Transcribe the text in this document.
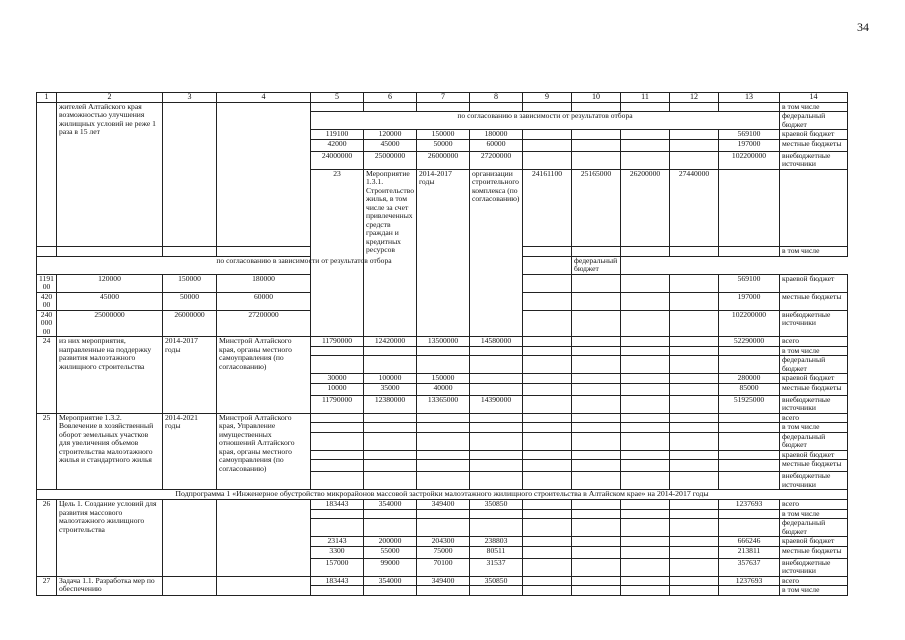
34
1	2	3	4	5	6	7	8	9	10	11	12	13	14	
	жителей Алтайского края возможностью улучшения жилищных условий не реже 1 раза в 15 лет												в том числе	
				по согласованию в зависимости от результатов отбора									федеральный бюджет	
				119100	120000	150000	180000					569100	краевой бюджет	
				42000	45000	50000	60000					197000	местные бюджеты	
				24000000	25000000	26000000	27200000					102200000	внебюджетные источники	
				23	Мероприятие 1.3.1. Строительство жилья, в том числе за счет привлеченных средств граждан и кредитных ресурсов	2014-2017 годы	организации строительного комплекса (по согласованию)	24161100	25165000	26200000	27440000						
													в том числе	
по согласованию в зависимости от результатов отбора									федеральный бюджет					
119100	120000	150000	180000									569100	краевой бюджет	
42000	45000	50000	60000									197000	местные бюджеты	
24000000	25000000	26000000	27200000									102200000	внебюджетные источники	
24	из них мероприятия, направленные на поддержку развития малоэтажного жилищного строительства	2014-2017 годы	Минстрой Алтайского края, органы местного самоуправления (по согласованию)	11790000	12420000	13500000	14580000					52290000	всего	
													в том числе	
													федеральный бюджет	
				30000	100000	150000						280000	краевой бюджет	
				10000	35000	40000						85000	местные бюджеты	
				11790000	12380000	13365000	14390000					51925000	внебюджетные источники	
25	Мероприятие 1.3.2. Вовлечение в хозяйственный оборот земельных участков для увеличения объемов строительства малоэтажного жилья и стандартного жилья	2014-2021 годы	Минстрой Алтайского края, Управление имущественных отношений Алтайского края, органы местного самоуправления (по согласованию)										всего	
													в том числе	
													федеральный бюджет	
													краевой бюджет	
													местные бюджеты	
													внебюджетные источники	
Подпрограмма 1 «Инженерное обустройство микрорайонов массовой застройки малоэтажного жилищного строительства в Алтайском крае» на 2014-2017 годы														
26	Цель 1. Создание условий для развития массового малоэтажного жилищного строительства			183443	354000	349400	350850					1237693	всего	
													в том числе	
													федеральный бюджет	
				23143	200000	204300	238803					666246	краевой бюджет	
				3300	55000	75000	80511					213811	местные бюджеты	
				157000	99000	70100	31537					357637	внебюджетные источники	
27	Задача 1.1. Разработка мер по обеспечению			183443	354000	349400	350850					1237693	всего	
													в том числе	
